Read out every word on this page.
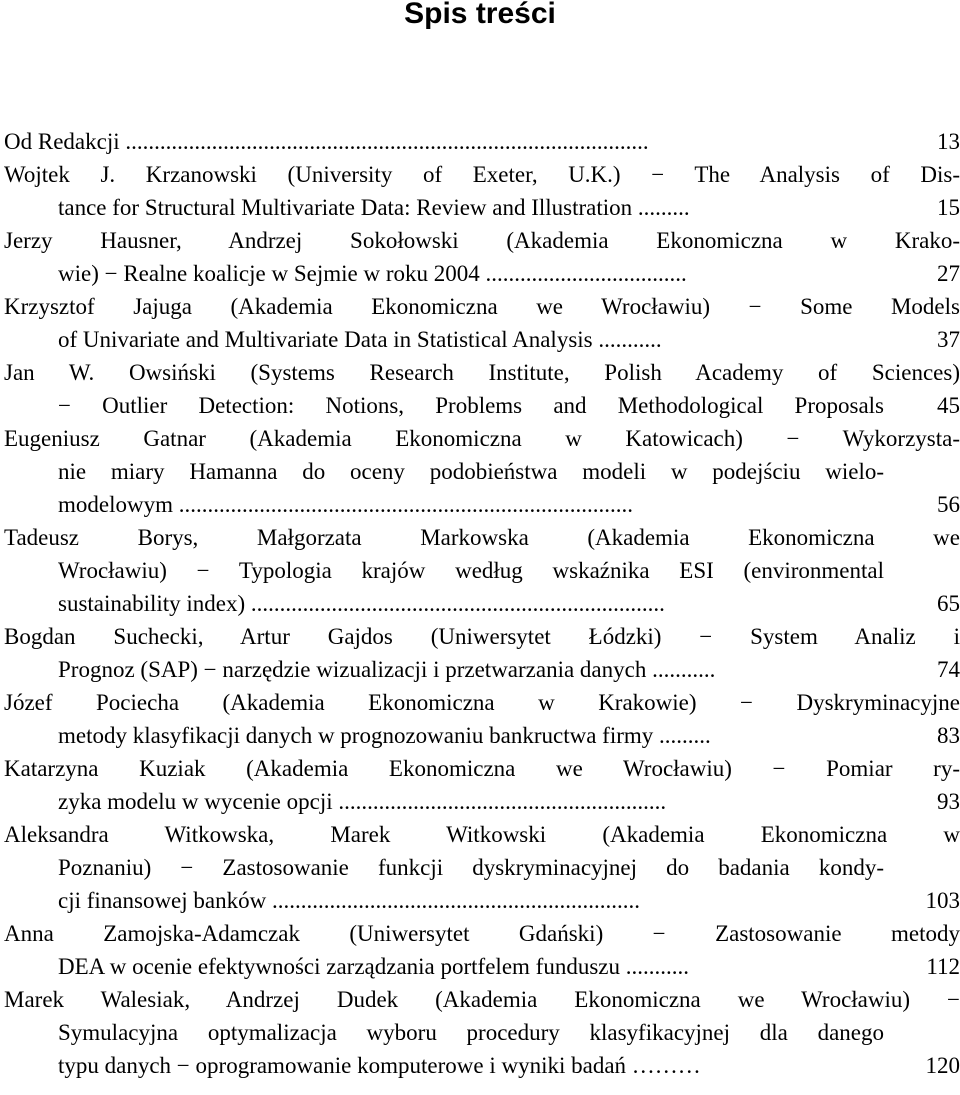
Spis treści
Od Redakcji ...........................................................................................	13
Wojtek J. Krzanowski (University of Exeter, U.K.) − The Analysis of Dis-
tance for Structural Multivariate Data: Review and Illustration .........	15
Jerzy Hausner, Andrzej Sokołowski (Akademia Ekonomiczna w Krako-
wie) − Realne koalicje w Sejmie w roku 2004 ...................................	27
Krzysztof Jajuga (Akademia Ekonomiczna we Wrocławiu) − Some Models
of Univariate and Multivariate Data in Statistical Analysis ...........	37
Jan W. Owsiński (Systems Research Institute, Polish Academy of Sciences)
− Outlier Detection: Notions, Problems and Methodological Proposals	45
Eugeniusz Gatnar (Akademia Ekonomiczna w Katowicach) − Wykorzysta-
nie miary Hamanna do oceny podobieństwa modeli w podejściu wielo-
modelowym ...............................................................................	56
Tadeusz Borys, Małgorzata Markowska (Akademia Ekonomiczna we
Wrocławiu) − Typologia krajów według wskaźnika ESI (environmental
sustainability index) ........................................................................	65
Bogdan Suchecki, Artur Gajdos (Uniwersytet Łódzki) − System Analiz i
Prognoz (SAP) − narzędzie wizualizacji i przetwarzania danych ...........	74
Józef Pociecha (Akademia Ekonomiczna w Krakowie) − Dyskryminacyjne
metody klasyfikacji danych w prognozowaniu bankructwa firmy .........	83
Katarzyna Kuziak (Akademia Ekonomiczna we Wrocławiu) − Pomiar ry-
zyka modelu w wycenie opcji .........................................................	93
Aleksandra Witkowska, Marek Witkowski (Akademia Ekonomiczna w
Poznaniu) − Zastosowanie funkcji dyskryminacyjnej do badania kondy-
cji finansowej banków ................................................................	103
Anna Zamojska-Adamczak (Uniwersytet Gdański) − Zastosowanie metody
DEA w ocenie efektywności zarządzania portfelem funduszu ...........	112
Marek Walesiak, Andrzej Dudek (Akademia Ekonomiczna we Wrocławiu) −
Symulacyjna optymalizacja wyboru procedury klasyfikacyjnej dla danego
typu danych − oprogramowanie komputerowe i wyniki badań ………	120
